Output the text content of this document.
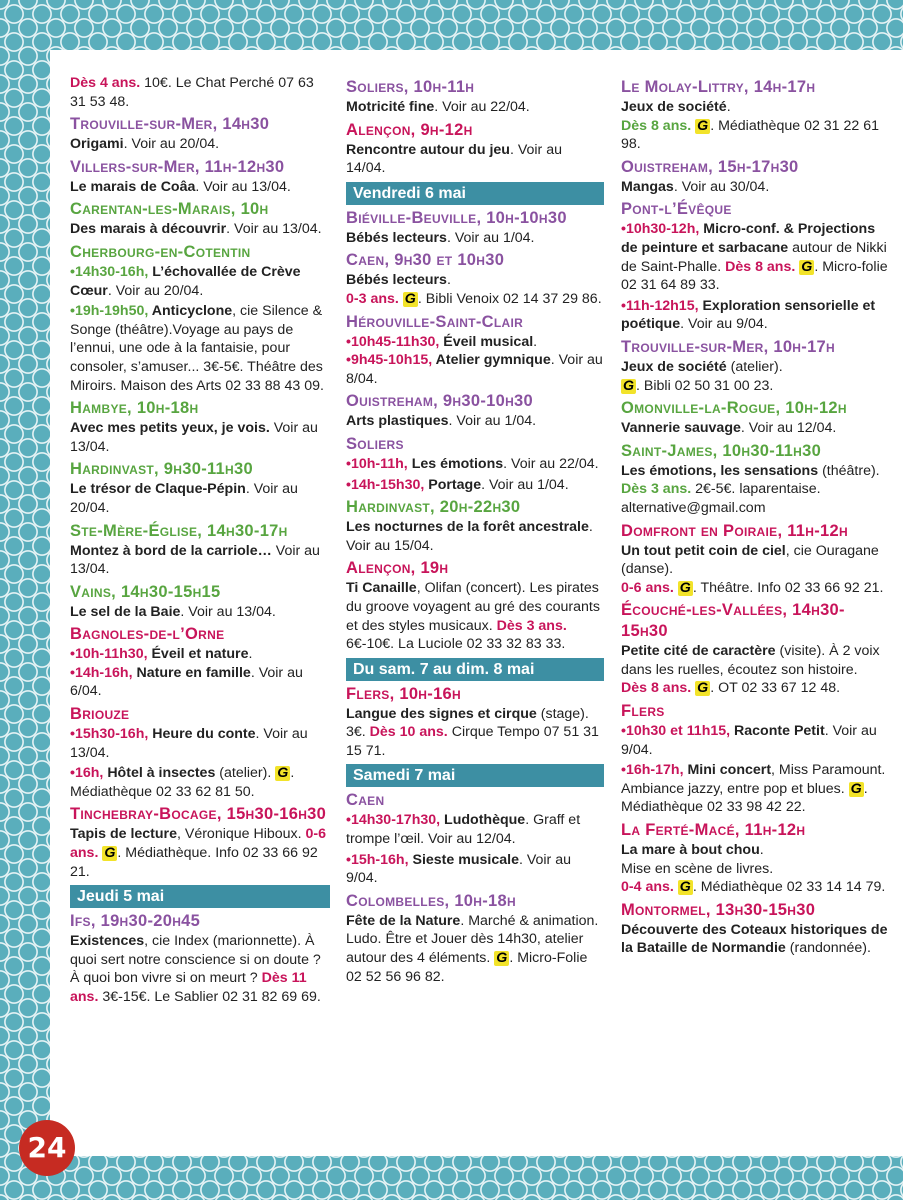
Dès 4 ans. 10€. Le Chat Perché 07 63 31 53 48.
Trouville-sur-Mer, 14h30
Origami. Voir au 20/04.
Villers-sur-Mer, 11h-12h30
Le marais de Coâa. Voir au 13/04.
Carentan-les-Marais, 10h
Des marais à découvrir. Voir au 13/04.
Cherbourg-en-Cotentin
•14h30-16h, L’échovallée de Crève Cœur. Voir au 20/04.
•19h-19h50, Anticyclone, cie Silence & Songe (théâtre).Voyage au pays de l’ennui, une ode à la fantaisie, pour consoler, s’amuser... 3€-5€. Théâtre des Miroirs. Maison des Arts 02 33 88 43 09.
Hambye, 10h-18h
Avec mes petits yeux, je vois. Voir au 13/04.
Hardinvast, 9h30-11h30
Le trésor de Claque-Pépin. Voir au 20/04.
Ste-Mère-Église, 14h30-17h
Montez à bord de la carriole… Voir au 13/04.
Vains, 14h30-15h15
Le sel de la Baie. Voir au 13/04.
Bagnoles-de-l’Orne
•10h-11h30, Éveil et nature.
•14h-16h, Nature en famille. Voir au 6/04.
Briouze
•15h30-16h, Heure du conte. Voir au 13/04.
•16h, Hôtel à insectes (atelier). G . Médiathèque 02 33 62 81 50.
Tinchebray-Bocage, 15h30-16h30
Tapis de lecture, Véronique Hiboux. 0-6 ans. G . Médiathèque. Info 02 33 66 92 21.
Jeudi 5 mai
Ifs, 19h30-20h45
Existences, cie Index (marionnette). À quoi sert notre conscience si on doute ? À quoi bon vivre si on meurt ? Dès 11 ans. 3€-15€. Le Sablier 02 31 82 69 69.
Soliers, 10h-11h
Motricité fine. Voir au 22/04.
Alençon, 9h-12h
Rencontre autour du jeu. Voir au 14/04.
Vendredi 6 mai
Biéville-Beuville, 10h-10h30
Bébés lecteurs. Voir au 1/04.
Caen, 9h30 et 10h30
Bébés lecteurs.
0-3 ans. G . Bibli Venoix 02 14 37 29 86.
Hérouville-Saint-Clair
•10h45-11h30, Éveil musical.
•9h45-10h15, Atelier gymnique. Voir au 8/04.
Ouistreham, 9h30-10h30
Arts plastiques. Voir au 1/04.
Soliers
•10h-11h, Les émotions. Voir au 22/04.
•14h-15h30, Portage. Voir au 1/04.
Hardinvast, 20h-22h30
Les nocturnes de la forêt ancestrale. Voir au 15/04.
Alençon, 19h
Ti Canaille, Olifan (concert). Les pirates du groove voyagent au gré des courants et des styles musicaux. Dès 3 ans. 6€-10€. La Luciole 02 33 32 83 33.
Du sam. 7 au dim. 8 mai
Flers, 10h-16h
Langue des signes et cirque (stage). 3€. Dès 10 ans. Cirque Tempo 07 51 31 15 71.
Samedi 7 mai
Caen
•14h30-17h30, Ludothèque. Graff et trompe l’œil. Voir au 12/04.
•15h-16h, Sieste musicale. Voir au 9/04.
Colombelles, 10h-18h
Fête de la Nature. Marché & animation. Ludo. Être et Jouer dès 14h30, atelier autour des 4 éléments. G . Micro-Folie 02 52 56 96 82.
Le Molay-Littry, 14h-17h
Jeux de société.
Dès 8 ans. G . Médiathèque 02 31 22 61 98.
Ouistreham, 15h-17h30
Mangas. Voir au 30/04.
Pont-l’Évêque
•10h30-12h, Micro-conf. & Projections de peinture et sarbacane autour de Nikki de Saint-Phalle. Dès 8 ans. G . Micro-folie 02 31 64 89 33.
•11h-12h15, Exploration sensorielle et poétique. Voir au 9/04.
Trouville-sur-Mer, 10h-17h
Jeux de société (atelier).
G . Bibli 02 50 31 00 23.
Omonville-la-Rogue, 10h-12h
Vannerie sauvage. Voir au 12/04.
Saint-James, 10h30-11h30
Les émotions, les sensations (théâtre).
Dès 3 ans. 2€-5€. laparentaise. alternative@gmail.com
Domfront en Poiraie, 11h-12h
Un tout petit coin de ciel, cie Ouragane (danse).
0-6 ans. G . Théâtre. Info 02 33 66 92 21.
Écouché-les-Vallées, 14h30-15h30
Petite cité de caractère (visite). À 2 voix dans les ruelles, écoutez son histoire.
Dès 8 ans. G . OT 02 33 67 12 48.
Flers
•10h30 et 11h15, Raconte Petit. Voir au 9/04.
•16h-17h, Mini concert, Miss Paramount. Ambiance jazzy, entre pop et blues. G . Médiathèque 02 33 98 42 22.
La Ferté-Macé, 11h-12h
La mare à bout chou.
Mise en scène de livres.
0-4 ans. G . Médiathèque 02 33 14 14 79.
Montormel, 13h30-15h30
Découverte des Coteaux historiques de la Bataille de Normandie (randonnée).
24
